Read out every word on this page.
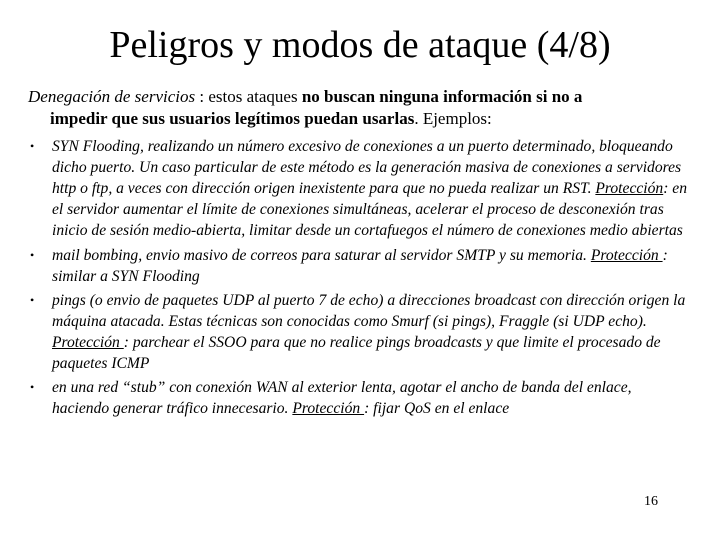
Peligros y modos de ataque (4/8)
Denegación de servicios : estos ataques no buscan ninguna información si no a
impedir que sus usuarios legítimos puedan usarlas. Ejemplos:
• SYN Flooding, realizando un número excesivo de conexiones a un puerto determinado, bloqueando dicho puerto. Un caso particular de este método es la generación masiva de conexiones a servidores http o ftp, a veces con dirección origen inexistente para que no pueda realizar un RST. Protección: en el servidor aumentar el límite de conexiones simultáneas, acelerar el proceso de desconexión tras inicio de sesión medio-abierta, limitar desde un cortafuegos el número de conexiones medio abiertas
• mail bombing, envio masivo de correos para saturar al servidor SMTP y su memoria. Protección : similar a SYN Flooding
• pings (o envio de paquetes UDP al puerto 7 de echo) a direcciones broadcast con dirección origen la máquina atacada. Estas técnicas son conocidas como Smurf (si pings), Fraggle (si UDP echo). Protección : parchear el SSOO para que no realice pings broadcasts y que limite el procesado de paquetes ICMP
• en una red “stub” con conexión WAN al exterior lenta, agotar el ancho de banda del enlace, haciendo generar tráfico innecesario. Protección : fijar QoS en el enlace
16
